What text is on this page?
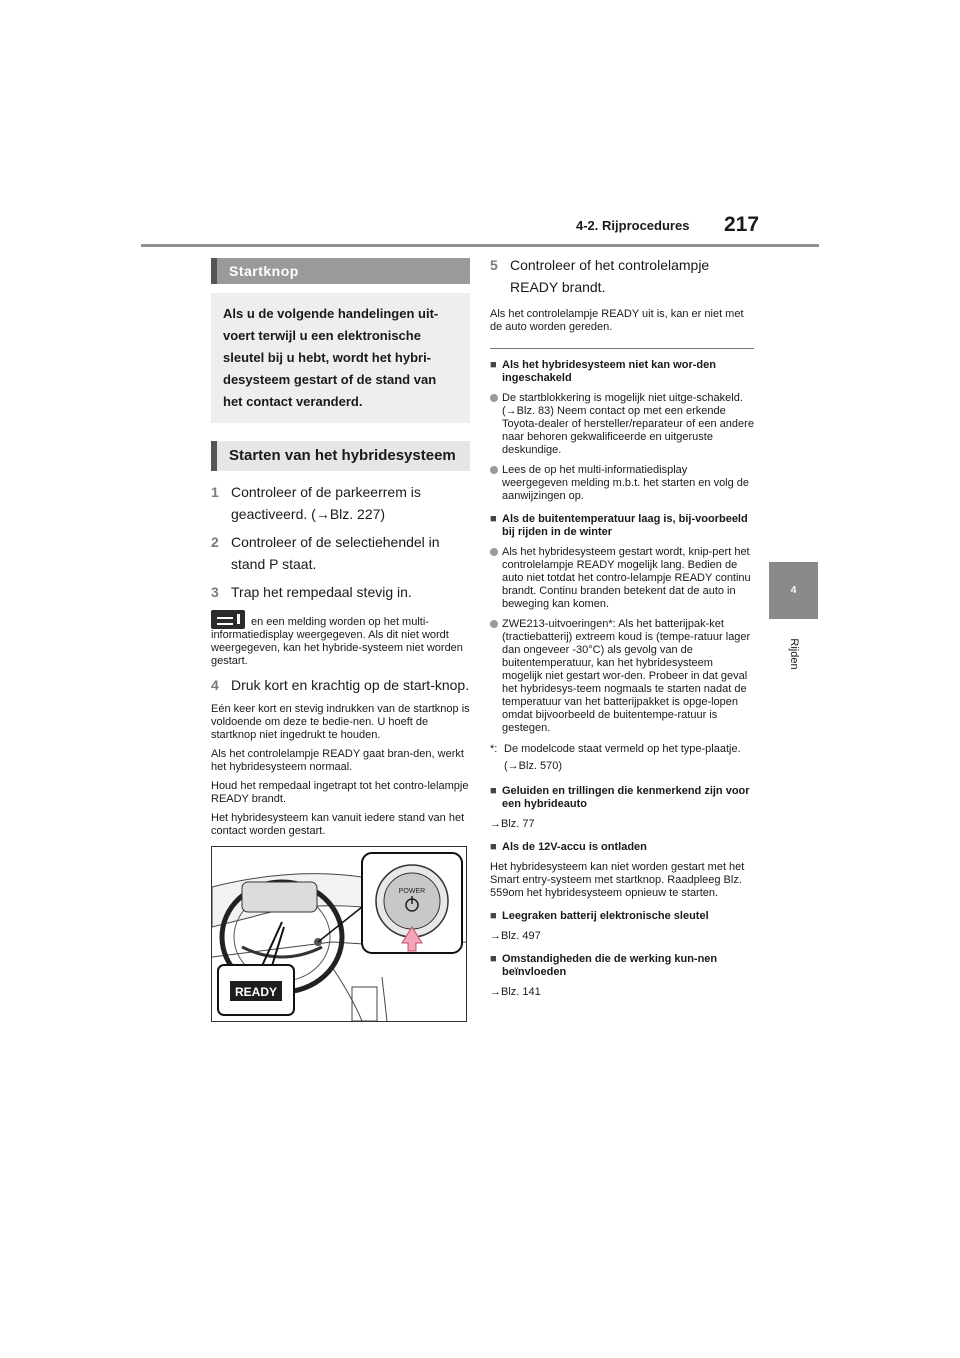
4-2. Rijprocedures 217
4
Rijden
Startknop
Als u de volgende handelingen uit-voert terwijl u een elektronische sleutel bij u hebt, wordt het hybri-desysteem gestart of de stand van het contact veranderd.
Starten van het hybridesysteem
1 Controleer of de parkeerrem is geactiveerd. (→Blz. 227)
2 Controleer of de selectiehendel in stand P staat.
3 Trap het rempedaal stevig in.
en een melding worden op het multi-informatiedisplay weergegeven. Als dit niet wordt weergegeven, kan het hybride-systeem niet worden gestart.
4 Druk kort en krachtig op de start-knop.

Eén keer kort en stevig indrukken van de startknop is voldoende om deze te bedie-nen. U hoeft de startknop niet ingedrukt te houden.

Als het controlelampje READY gaat bran-den, werkt het hybridesysteem normaal.

Houd het rempedaal ingetrapt tot het contro-lelampje READY brandt.

Het hybridesysteem kan vanuit iedere stand van het contact worden gestart.

POWER
READY
5 Controleer of het controlelampje READY brandt.
Als het controlelampje READY uit is, kan er niet met de auto worden gereden.
■ Als het hybridesysteem niet kan wor-den ingeschakeld
De startblokkering is mogelijk niet uitge-schakeld. (→Blz. 83) Neem contact op met een erkende Toyota-dealer of hersteller/reparateur of een andere naar behoren gekwalificeerde en uitgeruste deskundige.
Lees de op het multi-informatiedisplay weergegeven melding m.b.t. het starten en volg de aanwijzingen op.
■ Als de buitentemperatuur laag is, bij-voorbeeld bij rijden in de winter
Als het hybridesysteem gestart wordt, knip-pert het controlelampje READY mogelijk lang. Bedien de auto niet totdat het contro-lelampje READY continu brandt. Continu branden betekent dat de auto in beweging kan komen.
ZWE213-uitvoeringen*: Als het batterijpak-ket (tractiebatterij) extreem koud is (tempe-ratuur lager dan ongeveer -30°C) als gevolg van de buitentemperatuur, kan het hybridesysteem mogelijk niet gestart wor-den. Probeer in dat geval het hybridesys-teem nogmaals te starten nadat de temperatuur van het batterijpakket is opge-lopen omdat bijvoorbeeld de buitentempe-ratuur is gestegen.
*: De modelcode staat vermeld op het type-plaatje. (→Blz. 570)
■ Geluiden en trillingen die kenmerkend zijn voor een hybrideauto
→Blz. 77
■ Als de 12V-accu is ontladen
Het hybridesysteem kan niet worden gestart met het Smart entry-systeem met startknop. Raadpleeg Blz. 559om het hybridesysteem opnieuw te starten.
■ Leegraken batterij elektronische sleutel
→Blz. 497
■ Omstandigheden die de werking kun-nen beïnvloeden
→Blz. 141
